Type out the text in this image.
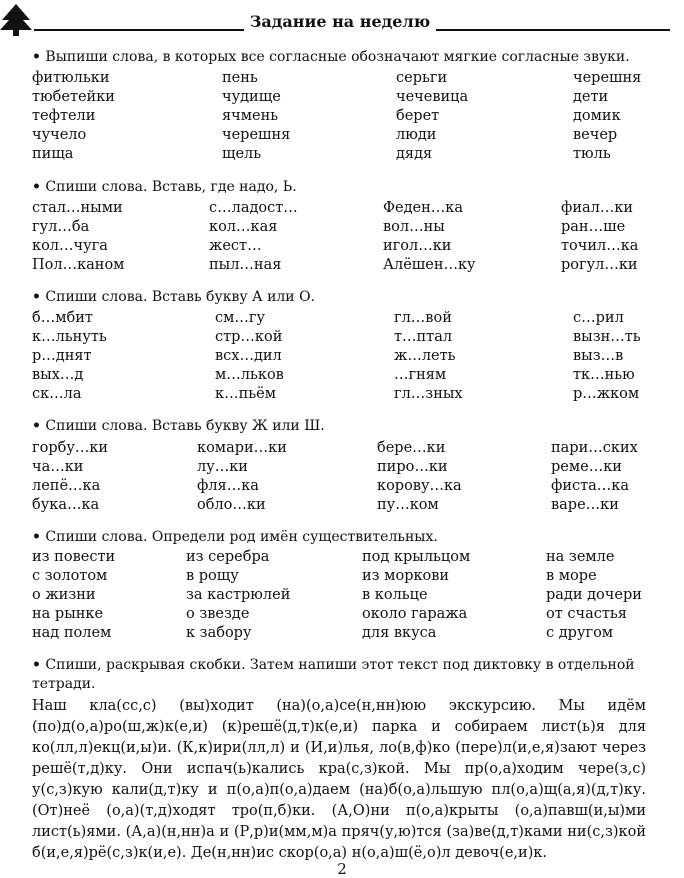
Задание на неделю
• Выпиши слова, в которых все согласные обозначают мягкие согласные звуки.
фитюльки	пень	серьги	черешня
тюбетейки	чудище	чечевица	дети
тефтели	ячмень	берет	домик
чучело	черешня	люди	вечер
пища	щель	дядя	тюль
• Спиши слова. Вставь, где надо, Ь.
стал…ными	с…ладост…	Феден…ка	фиал…ки
гул…ба	кол…кая	вол…ны	ран…ше
кол…чуга	жест…	игол…ки	точил…ка
Пол…каном	пыл…ная	Алёшен…ку	рогул…ки
• Спиши слова. Вставь букву А или О.
б…мбит	см…гу	гл…вой	с…рил
к…льнуть	стр…кой	т…птал	вызн…ть
р…днят	всх…дил	ж…леть	выз…в
вых…д	м…льков	…гням	тк…нью
ск…ла	к…пьём	гл…зных	р…жком
• Спиши слова. Вставь букву Ж или Ш.
горбу…ки	комари…ки	бере…ки	пари…ских
ча…ки	лу…ки	пиро…ки	реме…ки
лепё…ка	фля…ка	корову…ка	фиста…ка
бука…ка	обло…ки	пу…ком	варе…ки
• Спиши слова. Определи род имён существительных.
из повести	из серебра	под крыльцом	на земле
с золотом	в рощу	из моркови	в море
о жизни	за кастрюлей	в кольце	ради дочери
на рынке	о звезде	около гаража	от счастья
над полем	к забору	для вкуса	с другом
• Спиши, раскрывая скобки. Затем напиши этот текст под диктовку в отдельной тетради.
Наш кла(сс,с) (вы)ходит (на)(о,а)се(н,нн)юю экскурсию. Мы идём (по)д(о,а)ро(ш,ж)к(е,и) (к)решё(д,т)к(е,и) парка и собираем лист(ь)я для ко(лл,л)екц(и,ы)и. (К,к)ири(лл,л) и (И,и)лья, ло(в,ф)ко (пере)л(и,е,я)зают через решё(т,д)ку. Они испач(ь)кались кра(с,з)кой. Мы пр(о,а)ходим чере(з,с) у(с,з)кую кали(д,т)ку и п(о,а)п(о,а)даем (на)б(о,а)льшую пл(о,а)щ(а,я)(д,т)ку. (От)неё (о,а)(т,д)ходят тро(п,б)ки. (А,О)ни п(о,а)крыты (о,а)павш(и,ы)ми лист(ь)ями. (А,а)(н,нн)а и (Р,р)и(мм,м)а пряч(у,ю)тся (за)ве(д,т)ками ни(с,з)кой б(и,е,я)рё(с,з)к(и,е). Де(н,нн)ис скор(о,а) н(о,а)ш(ё,о)л девоч(е,и)к.
2
